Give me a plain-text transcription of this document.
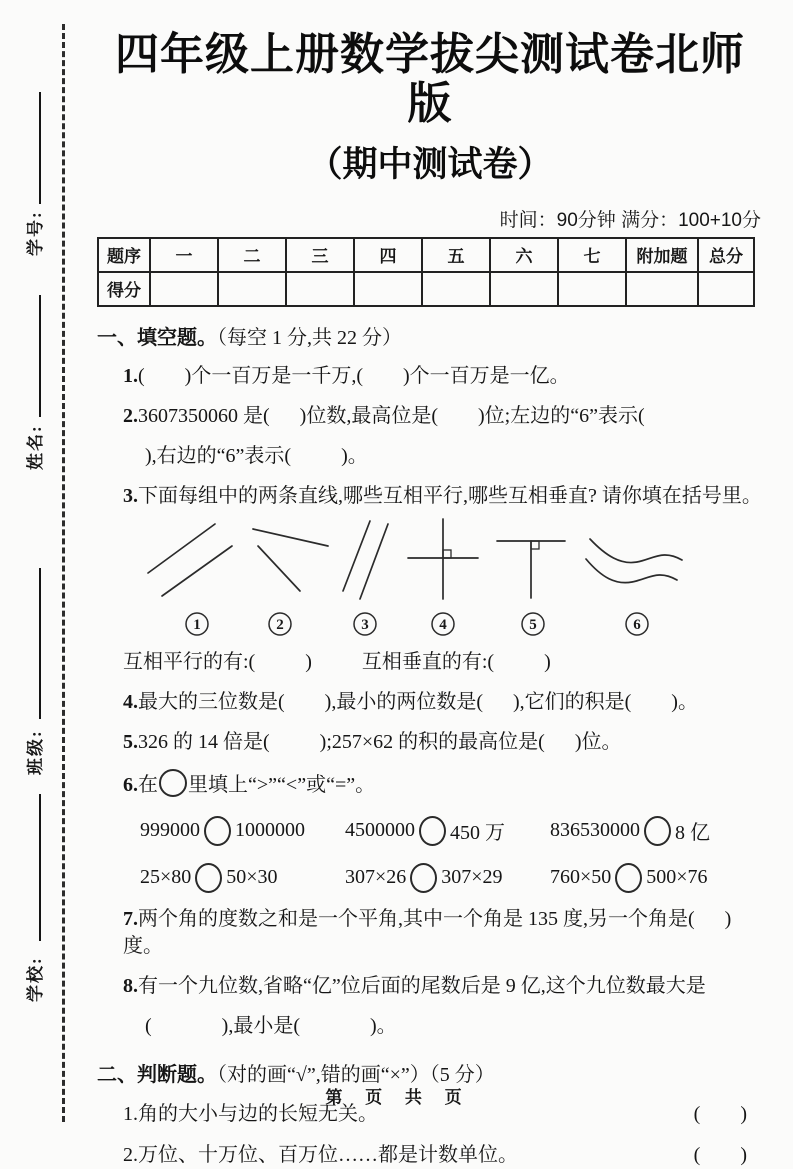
学号:
姓名:
班级:
学校:
四年级上册数学拔尖测试卷北师版
（期中测试卷）
时间：90分钟 满分：100+10分
题序	一	二	三	四	五	六	七	附加题	总分
得分									
一、填空题。（每空 1 分,共 22 分）
1.(        )个一百万是一千万,(        )个一百万是一亿。
2.3607350060 是(      )位数,最高位是(        )位;左边的“6”表示(
),右边的“6”表示(          )。
3.下面每组中的两条直线,哪些互相平行,哪些互相垂直? 请你填在括号里。
1	2	3	4	5	6
互相平行的有:(          )          互相垂直的有:(          )
4.最大的三位数是(        ),最小的两位数是(      ),它们的积是(        )。
5.326 的 14 倍是(          );257×62 的积的最高位是(      )位。
6.在 里填上“>”“<”或“=”。
999000 1000000 4500000 450 万 836530000 8 亿
25×80 50×30	307×26 307×29 760×50 500×76
7.两个角的度数之和是一个平角,其中一个角是 135 度,另一个角是(      )度。
8.有一个九位数,省略“亿”位后面的尾数后是 9 亿,这个九位数最大是
(              ),最小是(              )。
二、判断题。（对的画“√”,错的画“×”）（5 分）
1.角的大小与边的长短无关。	(        )
2.万位、十万位、百万位……都是计数单位。	(        )
第 页 共 页
